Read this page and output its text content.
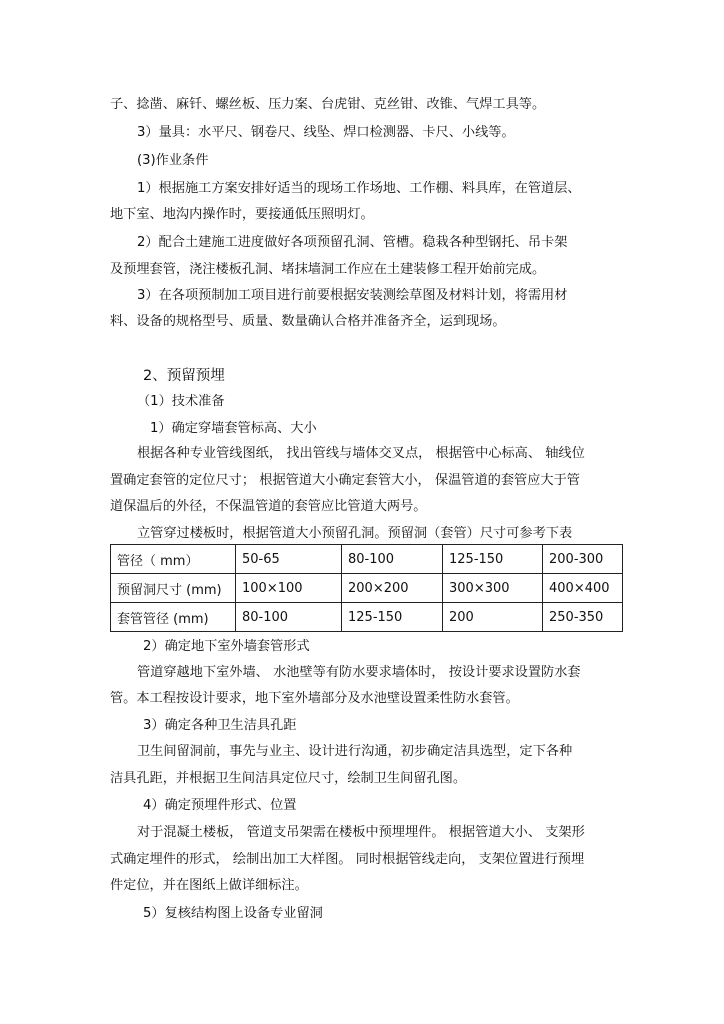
子、捻凿、麻钎、螺丝板、压力案、台虎钳、克丝钳、改锥、气焊工具等。
3）量具：水平尺、钢卷尺、线坠、焊口检测器、卡尺、小线等。
(3)作业条件
1）根据施工方案安排好适当的现场工作场地、工作棚、料具库，在管道层、
地下室、地沟内操作时，要接通低压照明灯。
2）配合土建施工进度做好各项预留孔洞、管槽。稳栽各种型钢托、吊卡架
及预埋套管，浇注楼板孔洞、堵抹墙洞工作应在土建装修工程开始前完成。
3）在各项预制加工项目进行前要根据安装测绘草图及材料计划，将需用材
料、设备的规格型号、质量、数量确认合格并准备齐全，运到现场。
2、预留预埋
（1）技术准备
1）确定穿墙套管标高、大小
根据各种专业管线图纸， 找出管线与墙体交叉点， 根据管中心标高、 轴线位
置确定套管的定位尺寸； 根据管道大小确定套管大小， 保温管道的套管应大于管
道保温后的外径，不保温管道的套管应比管道大两号。
立管穿过楼板时，根据管道大小预留孔洞。预留洞（套管）尺寸可参考下表
管径（ mm）	50-65	80-100	125-150	200-300
预留洞尺寸 (mm)	100×100	200×200	300×300	400×400
套管管径 (mm)	80-100	125-150	200	250-350
2）确定地下室外墙套管形式
管道穿越地下室外墙、 水池壁等有防水要求墙体时， 按设计要求设置防水套
管。本工程按设计要求，地下室外墙部分及水池壁设置柔性防水套管。
3）确定各种卫生洁具孔距
卫生间留洞前，事先与业主、设计进行沟通，初步确定洁具选型，定下各种
洁具孔距，并根据卫生间洁具定位尺寸，绘制卫生间留孔图。
4）确定预埋件形式、位置
对于混凝土楼板， 管道支吊架需在楼板中预埋埋件。 根据管道大小、 支架形
式确定埋件的形式， 绘制出加工大样图。 同时根据管线走向， 支架位置进行预埋
件定位，并在图纸上做详细标注。
5）复核结构图上设备专业留洞
